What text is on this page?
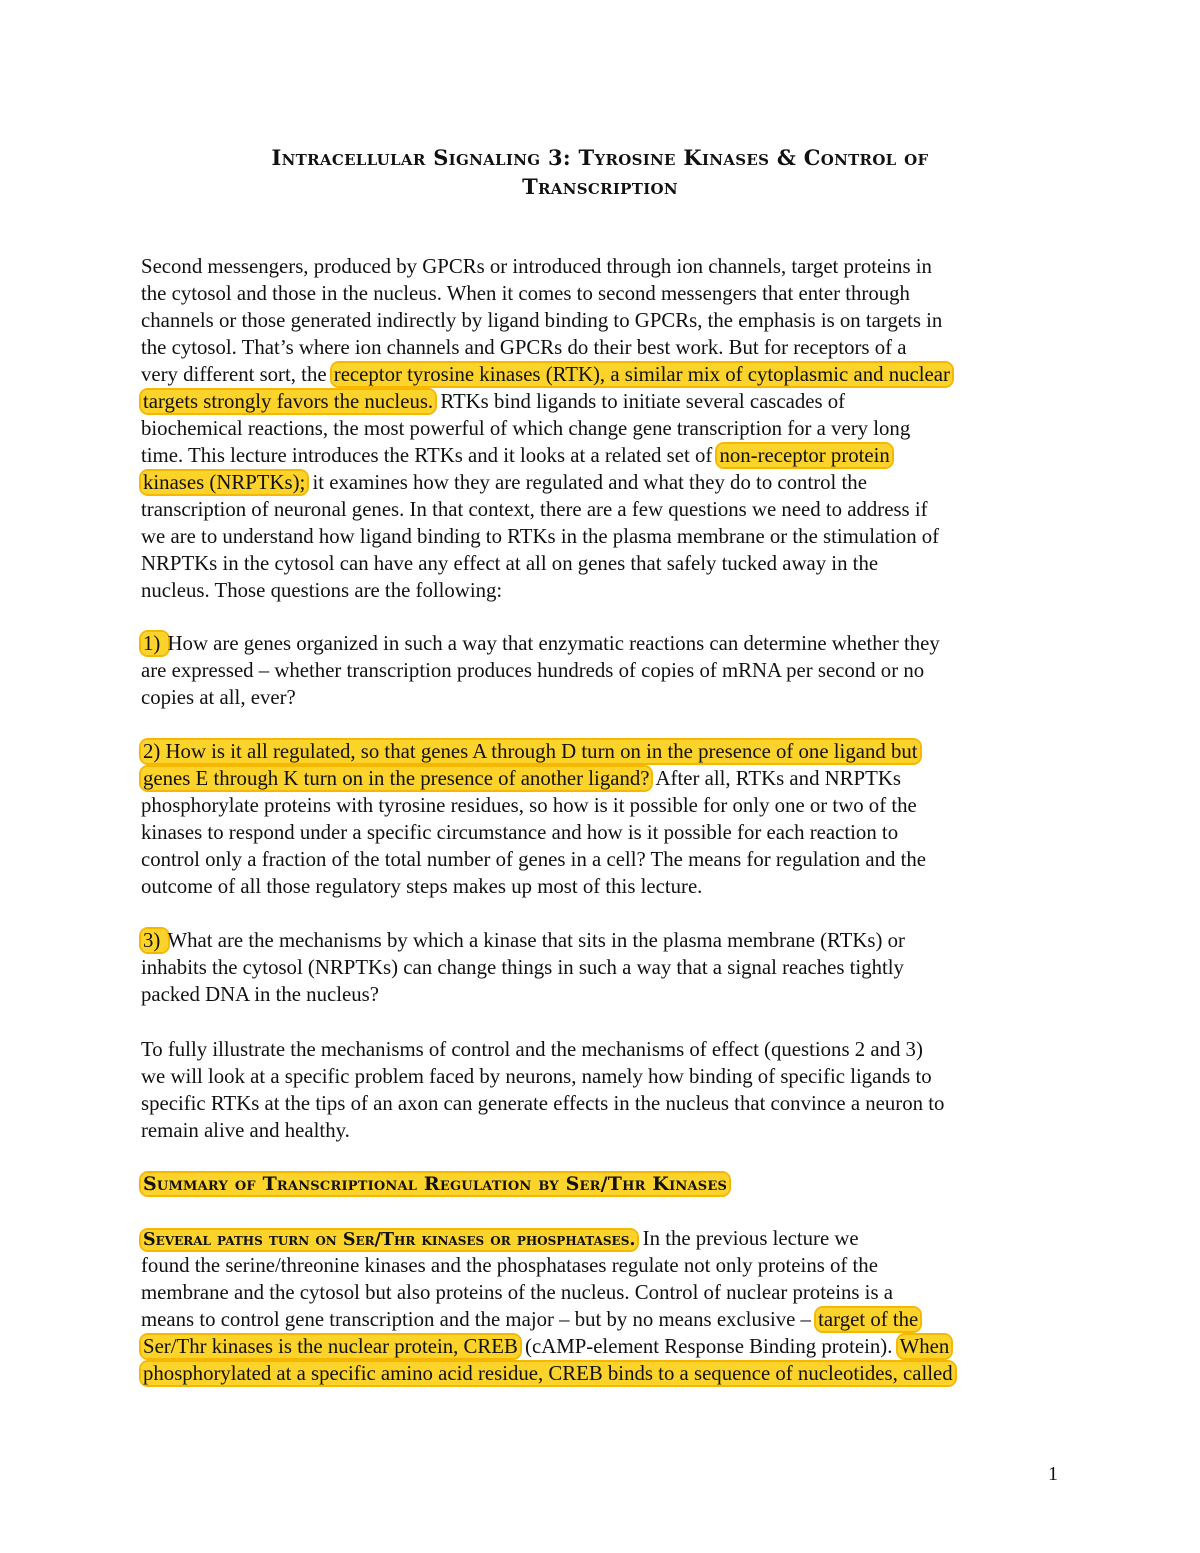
Intracellular Signaling 3: Tyrosine Kinases & Control of
Transcription
Second messengers, produced by GPCRs or introduced through ion channels, target proteins in
the cytosol and those in the nucleus. When it comes to second messengers that enter through
channels or those generated indirectly by ligand binding to GPCRs, the emphasis is on targets in
the cytosol. That’s where ion channels and GPCRs do their best work. But for receptors of a
very different sort, the receptor tyrosine kinases (RTK), a similar mix of cytoplasmic and nuclear
targets strongly favors the nucleus. RTKs bind ligands to initiate several cascades of
biochemical reactions, the most powerful of which change gene transcription for a very long
time. This lecture introduces the RTKs and it looks at a related set of non-receptor protein
kinases (NRPTKs); it examines how they are regulated and what they do to control the
transcription of neuronal genes. In that context, there are a few questions we need to address if
we are to understand how ligand binding to RTKs in the plasma membrane or the stimulation of
NRPTKs in the cytosol can have any effect at all on genes that safely tucked away in the
nucleus. Those questions are the following:
1) How are genes organized in such a way that enzymatic reactions can determine whether they
are expressed – whether transcription produces hundreds of copies of mRNA per second or no
copies at all, ever?
2) How is it all regulated, so that genes A through D turn on in the presence of one ligand but
genes E through K turn on in the presence of another ligand? After all, RTKs and NRPTKs
phosphorylate proteins with tyrosine residues, so how is it possible for only one or two of the
kinases to respond under a specific circumstance and how is it possible for each reaction to
control only a fraction of the total number of genes in a cell? The means for regulation and the
outcome of all those regulatory steps makes up most of this lecture.
3) What are the mechanisms by which a kinase that sits in the plasma membrane (RTKs) or
inhabits the cytosol (NRPTKs) can change things in such a way that a signal reaches tightly
packed DNA in the nucleus?
To fully illustrate the mechanisms of control and the mechanisms of effect (questions 2 and 3)
we will look at a specific problem faced by neurons, namely how binding of specific ligands to
specific RTKs at the tips of an axon can generate effects in the nucleus that convince a neuron to
remain alive and healthy.
Several paths turn on Ser/Thr kinases or phosphatases. In the previous lecture we
found the serine/threonine kinases and the phosphatases regulate not only proteins of the
membrane and the cytosol but also proteins of the nucleus. Control of nuclear proteins is a
means to control gene transcription and the major – but by no means exclusive – target of the
Ser/Thr kinases is the nuclear protein, CREB (cAMP-element Response Binding protein). When
phosphorylated at a specific amino acid residue, CREB binds to a sequence of nucleotides, called
Summary of Transcriptional Regulation by Ser/Thr Kinases
1
